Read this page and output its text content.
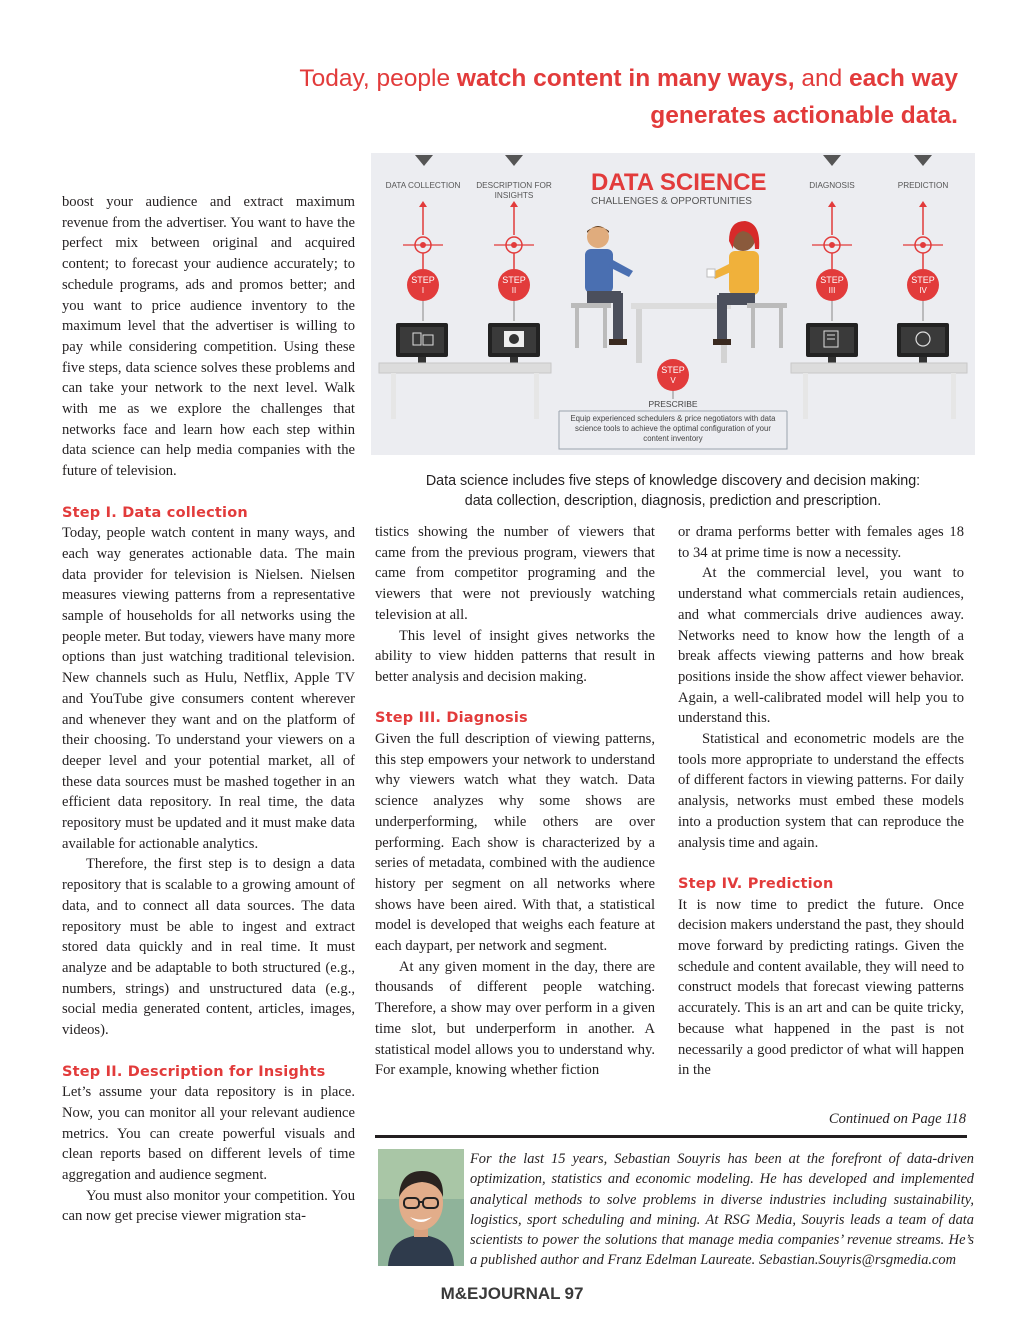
Today, people watch content in many ways, and each way
generates actionable data.
DATA COLLECTION DESCRIPTION FOR
INSIGHTS
DIAGNOSIS	PREDICTION
DATA SCIENCE
CHALLENGES & OPPORTUNITIES
STEP
I
STEP
II
STEP
V
PRESCRIBE
Equip experienced schedulers & price negotiators with data
science tools to achieve the optimal configuration of your
content inventory
STEP
III
STEP
IV
Data science includes five steps of knowledge discovery and decision making:
data collection, description, diagnosis, prediction and prescription.

boost your audience and extract maximum revenue from the advertiser. You want to have the perfect mix between original and acquired content; to forecast your audience accurately; to schedule programs, ads and promos better; and you want to price audience inventory to the maximum level that the advertiser is willing to pay while considering competition. Using these five steps, data science solves these problems and can take your network to the next level. Walk with me as we explore the challenges that networks face and learn how each step within data science can help media companies with the future of television.

Step I. Data collection

Today, people watch content in many ways, and each way generates actionable data. The main data provider for television is Nielsen. Nielsen measures viewing patterns from a representative sample of households for all networks using the people meter. But today, viewers have many more options than just watching traditional television. New channels such as Hulu, Netflix, Apple TV and YouTube give consumers content wherever and whenever they want and on the platform of their choosing. To understand your viewers on a deeper level and your potential market, all of these data sources must be mashed together in an efficient data repository. In real time, the data repository must be updated and it must make data available for actionable analytics.

Therefore, the first step is to design a data repository that is scalable to a growing amount of data, and to connect all data sources. The data repository must be able to ingest and extract stored data quickly and in real time. It must analyze and be adaptable to both structured (e.g., numbers, strings) and unstructured data (e.g., social media generated content, articles, images, videos).

Step II. Description for Insights

Let’s assume your data repository is in place. Now, you can monitor all your relevant audience metrics. You can create powerful visuals and clean reports based on different levels of time aggregation and audience segment.

You must also monitor your competition. You can now get precise viewer migration sta-

tistics showing the number of viewers that came from the previous program, viewers that came from competitor programing and the viewers that were not previously watching television at all.

This level of insight gives networks the ability to view hidden patterns that result in better analysis and decision making.

Step III. Diagnosis

Given the full description of viewing patterns, this step empowers your network to understand why viewers watch what they watch. Data science analyzes why some shows are underperforming, while others are over performing. Each show is characterized by a series of metadata, combined with the audience history per segment on all networks where shows have been aired. With that, a statistical model is developed that weighs each feature at each daypart, per network and segment.

At any given moment in the day, there are thousands of different people watching. Therefore, a show may over perform in a given time slot, but underperform in another. A statistical model allows you to understand why. For example, knowing whether fiction

or drama performs better with females ages 18 to 34 at prime time is now a necessity.

At the commercial level, you want to understand what commercials retain audiences, and what commercials drive audiences away. Networks need to know how the length of a break affects viewing patterns and how break positions inside the show affect viewer behavior. Again, a well-calibrated model will help you to understand this.

Statistical and econometric models are the tools more appropriate to understand the effects of different factors in viewing patterns. For daily analysis, networks must embed these models into a production system that can reproduce the analysis time and again.

Step IV. Prediction

It is now time to predict the future. Once decision makers understand the past, they should move forward by predicting ratings. Given the schedule and content available, they will need to construct models that forecast viewing patterns accurately. This is an art and can be quite tricky, because what happened in the past is not necessarily a good predictor of what will happen in the

Continued on Page 118
For the last 15 years, Sebastian Souyris has been at the forefront of data-driven optimization, statistics and economic modeling. He has developed and implemented analytical methods to solve problems in diverse industries including sustainability, logistics, sport scheduling and mining. At RSG Media, Souyris leads a team of data scientists to power the solutions that manage media companies’ revenue streams. He’s a published author and Franz Edelman Laureate. Sebastian.Souyris@rsgmedia.com
M&EJOURNAL 97
